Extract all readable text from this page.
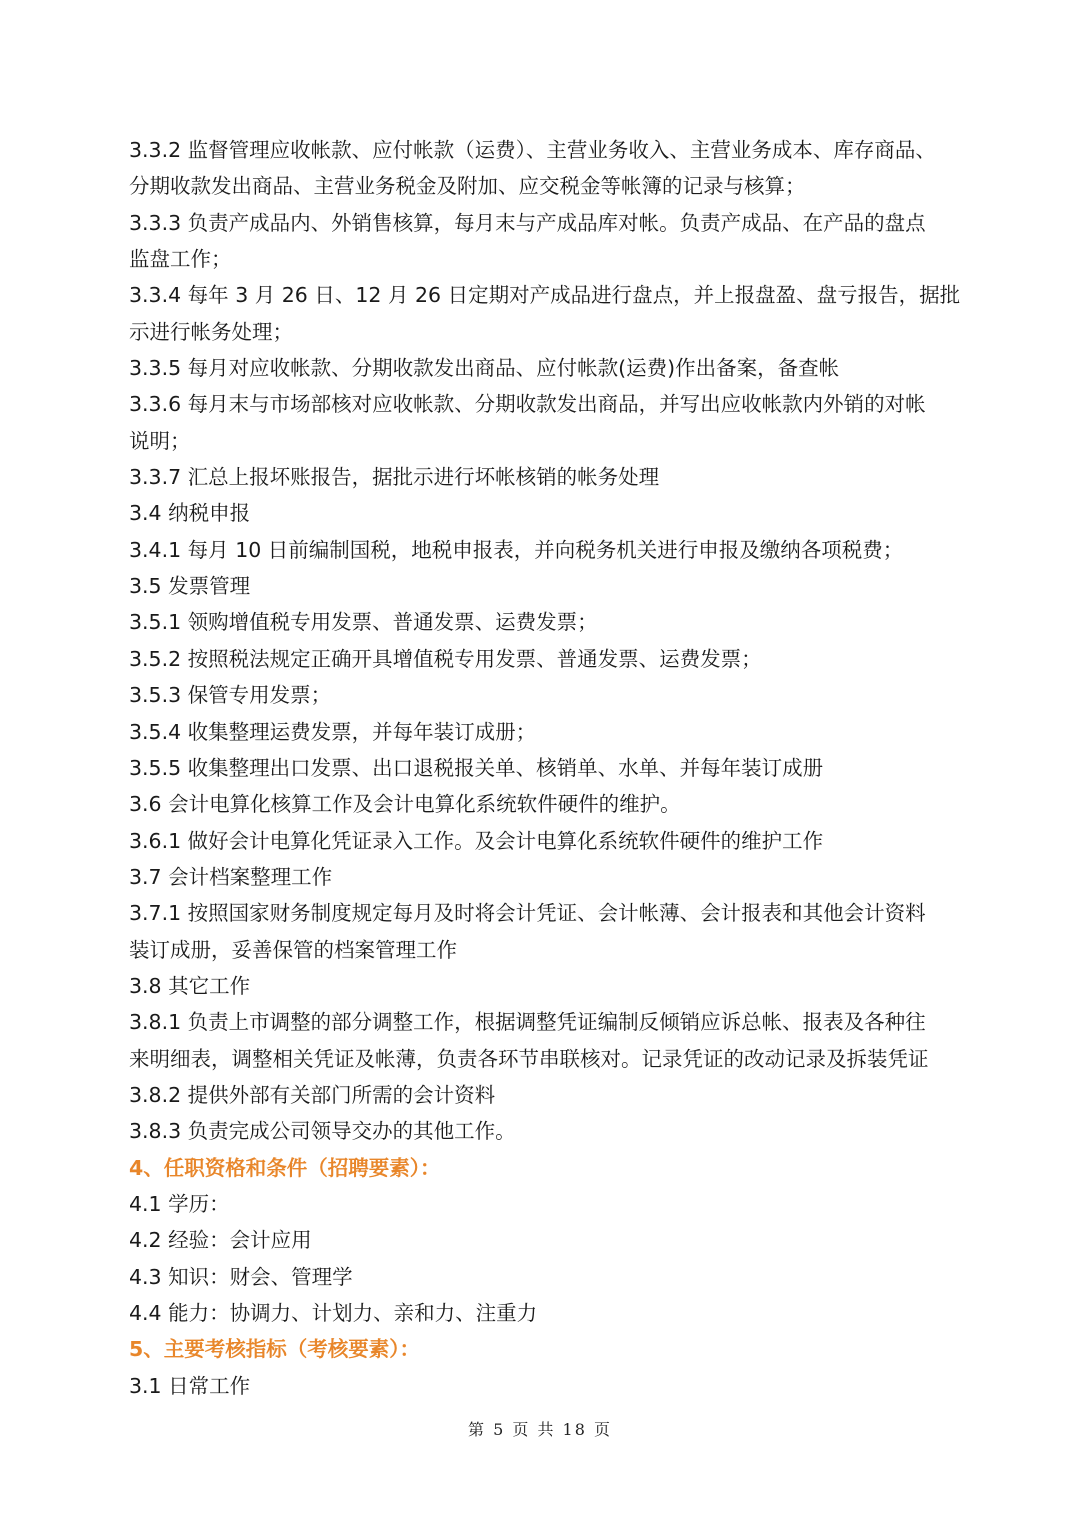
3.3.2 监督管理应收帐款、应付帐款（运费）、主营业务收入、主营业务成本、库存商品、
分期收款发出商品、主营业务税金及附加、应交税金等帐簿的记录与核算；
3.3.3 负责产成品内、外销售核算，每月末与产成品库对帐。负责产成品、在产品的盘点
监盘工作；
3.3.4 每年 3 月 26 日、12 月 26 日定期对产成品进行盘点，并上报盘盈、盘亏报告，据批
示进行帐务处理；
3.3.5 每月对应收帐款、分期收款发出商品、应付帐款(运费)作出备案，备查帐
3.3.6 每月末与市场部核对应收帐款、分期收款发出商品，并写出应收帐款内外销的对帐
说明；
3.3.7 汇总上报坏账报告，据批示进行坏帐核销的帐务处理
3.4 纳税申报
3.4.1 每月 10 日前编制国税，地税申报表，并向税务机关进行申报及缴纳各项税费；
3.5 发票管理
3.5.1 领购增值税专用发票、普通发票、运费发票；
3.5.2 按照税法规定正确开具增值税专用发票、普通发票、运费发票；
3.5.3 保管专用发票；
3.5.4 收集整理运费发票，并每年装订成册；
3.5.5 收集整理出口发票、出口退税报关单、核销单、水单、并每年装订成册
3.6 会计电算化核算工作及会计电算化系统软件硬件的维护。
3.6.1 做好会计电算化凭证录入工作。及会计电算化系统软件硬件的维护工作
3.7 会计档案整理工作
3.7.1 按照国家财务制度规定每月及时将会计凭证、会计帐薄、会计报表和其他会计资料
装订成册，妥善保管的档案管理工作
3.8 其它工作
3.8.1 负责上市调整的部分调整工作，根据调整凭证编制反倾销应诉总帐、报表及各种往
来明细表，调整相关凭证及帐薄，负责各环节串联核对。记录凭证的改动记录及拆装凭证
3.8.2 提供外部有关部门所需的会计资料
3.8.3 负责完成公司领导交办的其他工作。
4、任职资格和条件（招聘要素）：
4.1 学历：
4.2 经验：会计应用
4.3 知识：财会、管理学
4.4 能力：协调力、计划力、亲和力、注重力
5、主要考核指标（考核要素）：
3.1 日常工作
第 5 页 共 18 页
